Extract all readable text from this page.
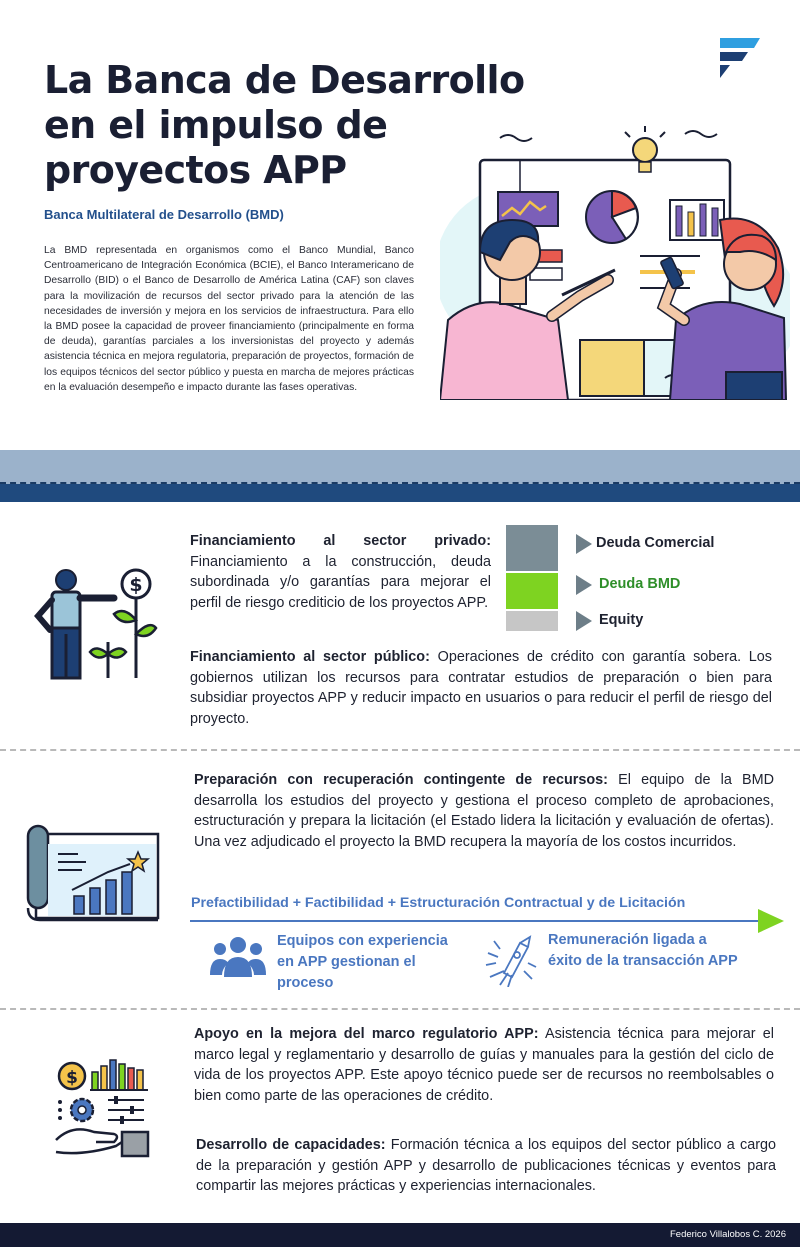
La Banca de Desarrollo en el impulso de proyectos APP
Banca Multilateral de Desarrollo (BMD)
La BMD representada en organismos como el Banco Mundial, Banco Centroamericano de Integración Económica (BCIE), el Banco Interamericano de Desarrollo (BID) o el Banco de Desarrollo de América Latina (CAF) son claves para la movilización de recursos del sector privado para la atención de las necesidades de inversión y mejora en los servicios de infraestructura. Para ello la BMD posee la capacidad de proveer financiamiento (principalmente en forma de deuda), garantías parciales a los inversionistas del proyecto y además asistencia técnica en mejora regulatoria, preparación de proyectos, formación de los equipos técnicos del sector público y puesta en marcha de mejores prácticas en la evaluación desempeño e impacto durante las fases operativas.
$
Financiamiento al sector privado: Financiamiento a la construcción, deuda subordinada y/o garantías para mejorar el perfil de riesgo crediticio de los proyectos APP.
Deuda Comercial
Deuda BMD
Equity
Financiamiento al sector público: Operaciones de crédito con garantía sobera. Los gobiernos utilizan los recursos para contratar estudios de preparación o bien para subsidiar proyectos APP y reducir impacto en usuarios o para reducir el perfil de riesgo del proyecto.
Preparación con recuperación contingente de recursos: El equipo de la BMD desarrolla los estudios del proyecto y gestiona el proceso completo de aprobaciones, estructuración y prepara la licitación (el Estado lidera la licitación y evaluación de ofertas). Una vez adjudicado el proyecto la BMD recupera la mayoría de los costos incurridos.
Prefactibilidad + Factibilidad + Estructuración Contractual y de Licitación
Equipos con experiencia en APP gestionan el proceso
Remuneración ligada a éxito de la transacción APP
$
Apoyo en la mejora del marco regulatorio APP: Asistencia técnica para mejorar el marco legal y reglamentario y desarrollo de guías y manuales para la gestión del ciclo de vida de los proyectos APP. Este apoyo técnico puede ser de recursos no reembolsables o bien como parte de las operaciones de crédito.
Desarrollo de capacidades: Formación técnica a los equipos del sector público a cargo de la preparación y gestión APP y desarrollo de publicaciones técnicas y eventos para compartir las mejores prácticas y experiencias internacionales.
Federico Villalobos C. 2026
